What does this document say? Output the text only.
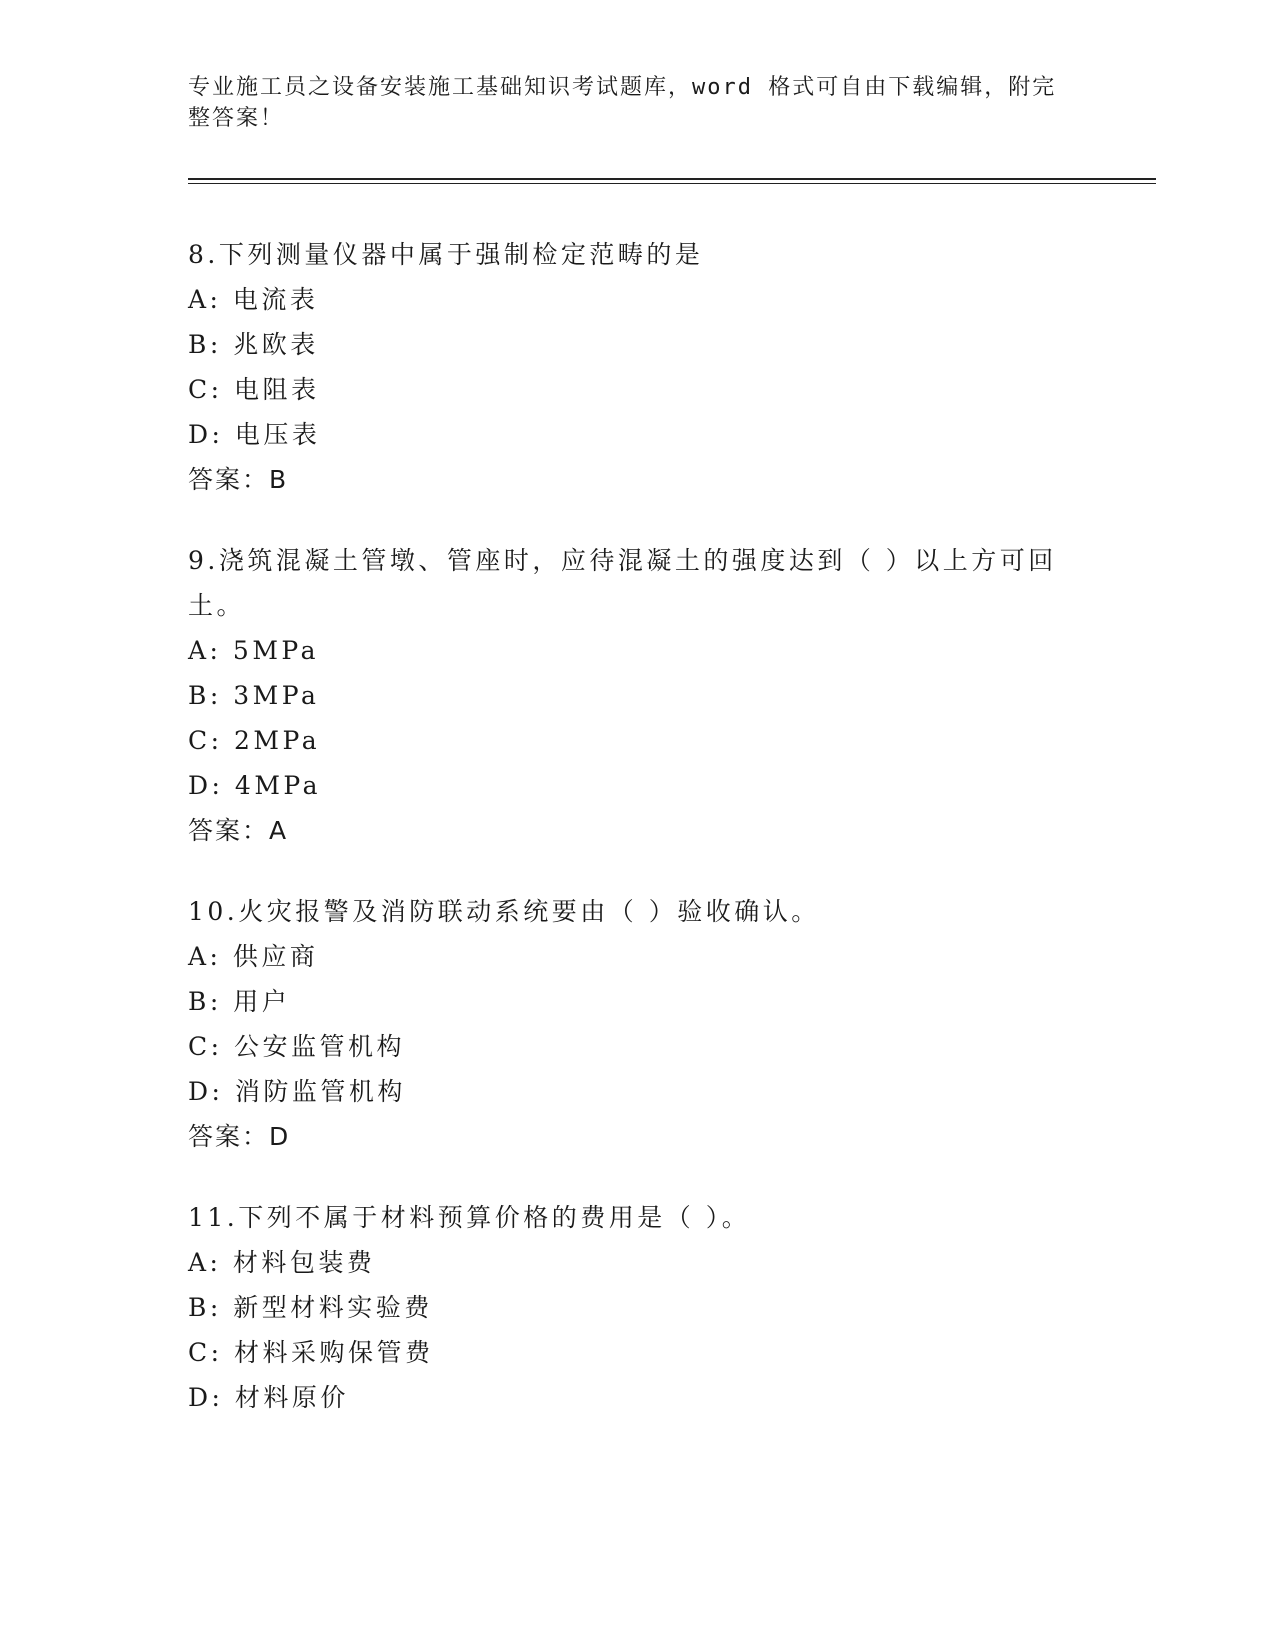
专业施工员之设备安装施工基础知识考试题库，word 格式可自由下载编辑，附完整答案！

8.下列测量仪器中属于强制检定范畴的是

A: 电流表

B: 兆欧表

C: 电阻表

D: 电压表

答案：B

9.浇筑混凝土管墩、管座时，应待混凝土的强度达到（ ）以上方可回土。

A: 5MPa

B: 3MPa

C: 2MPa

D: 4MPa

答案：A

10.火灾报警及消防联动系统要由（ ）验收确认。

A: 供应商

B: 用户

C: 公安监管机构

D: 消防监管机构

答案：D

11.下列不属于材料预算价格的费用是（ ）。

A: 材料包装费

B: 新型材料实验费

C: 材料采购保管费

D: 材料原价
